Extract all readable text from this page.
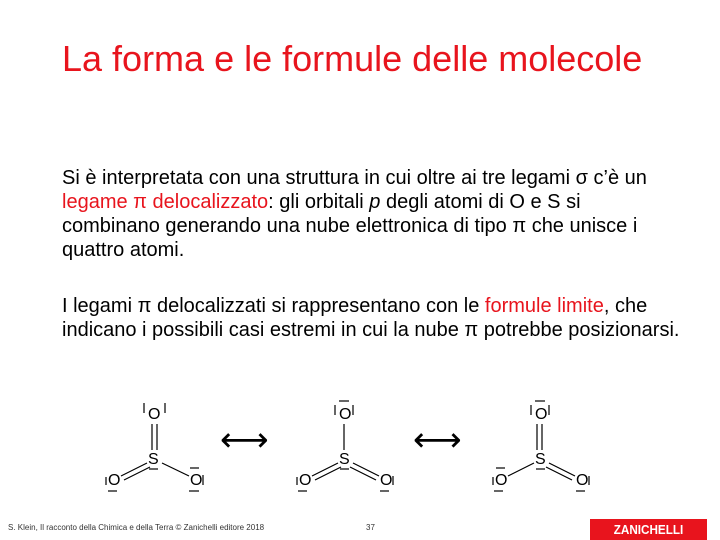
La forma e le formule delle molecole

Si è interpretata con una struttura in cui oltre ai tre legami σ c’è un legame π delocalizzato: gli orbitali p degli atomi di O e S si combinano generando una nube elettronica di tipo π che unisce i quattro atomi.

I legami π delocalizzati si rappresentano con le formule limite, che indicano i possibili casi estremi in cui la nube π potrebbe posizionarsi.

O
S
O	O
O
S
O	O
O
S
O	O
⟷	⟷
S. Klein, Il racconto della Chimica e della Terra © Zanichelli editore 2018	37	ZANICHELLI
